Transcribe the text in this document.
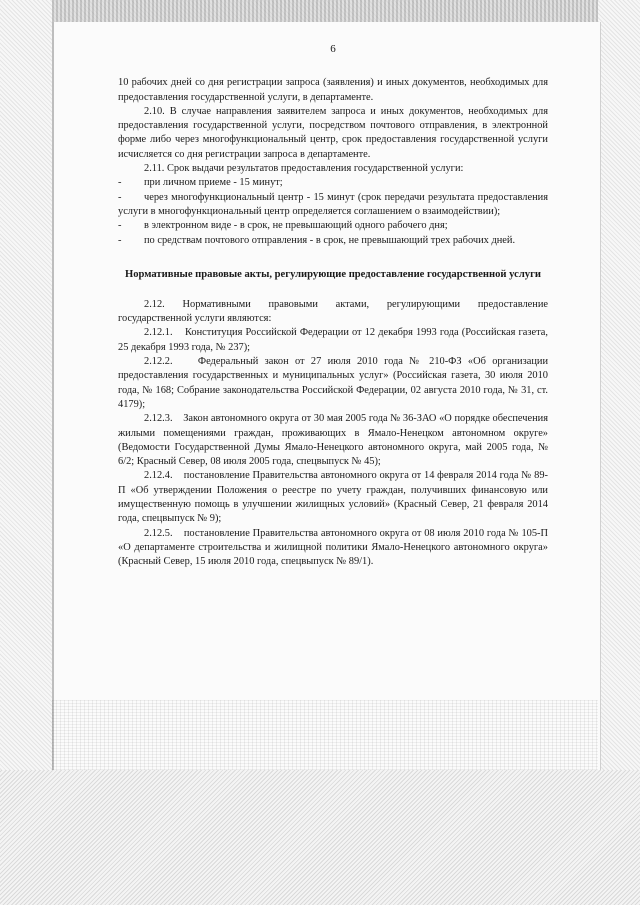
6

10 рабочих дней со дня регистрации запроса (заявления) и иных документов, необходимых для предоставления государственной услуги, в департаменте.

2.10. В случае направления заявителем запроса и иных документов, необходимых для предоставления государственной услуги, посредством почтового отправления, в электронной форме либо через многофункциональный центр, срок предоставления государственной услуги исчисляется со дня регистрации запроса в департаменте.

2.11. Срок выдачи результатов предоставления государственной услуги:

- при личном приеме - 15 минут;

- через многофункциональный центр - 15 минут (срок передачи результата предоставления услуги в многофункциональный центр определяется соглашением о взаимодействии);

- в электронном виде - в срок, не превышающий одного рабочего дня;

- по средствам почтового отправления - в срок, не превышающий трех рабочих дней.

Нормативные правовые акты, регулирующие предоставление государственной услуги

2.12. Нормативными правовыми актами, регулирующими предоставление государственной услуги являются:

2.12.1. Конституция Российской Федерации от 12 декабря 1993 года (Российская газета, 25 декабря 1993 года, № 237);

2.12.2. Федеральный закон от 27 июля 2010 года № 210-ФЗ «Об организации предоставления государственных и муниципальных услуг» (Российская газета, 30 июля 2010 года, № 168; Собрание законодательства Российской Федерации, 02 августа 2010 года, № 31, ст. 4179);

2.12.3. Закон автономного округа от 30 мая 2005 года № 36-ЗАО «О порядке обеспечения жилыми помещениями граждан, проживающих в Ямало-Ненецком автономном округе» (Ведомости Государственной Думы Ямало-Ненецкого автономного округа, май 2005 года, № 6/2; Красный Север, 08 июля 2005 года, спецвыпуск № 45);

2.12.4. постановление Правительства автономного округа от 14 февраля 2014 года № 89-П «Об утверждении Положения о реестре по учету граждан, получивших финансовую или имущественную помощь в улучшении жилищных условий» (Красный Север, 21 февраля 2014 года, спецвыпуск № 9);

2.12.5. постановление Правительства автономного округа от 08 июля 2010 года № 105-П «О департаменте строительства и жилищной политики Ямало-Ненецкого автономного округа» (Красный Север, 15 июля 2010 года, спецвыпуск № 89/1).
